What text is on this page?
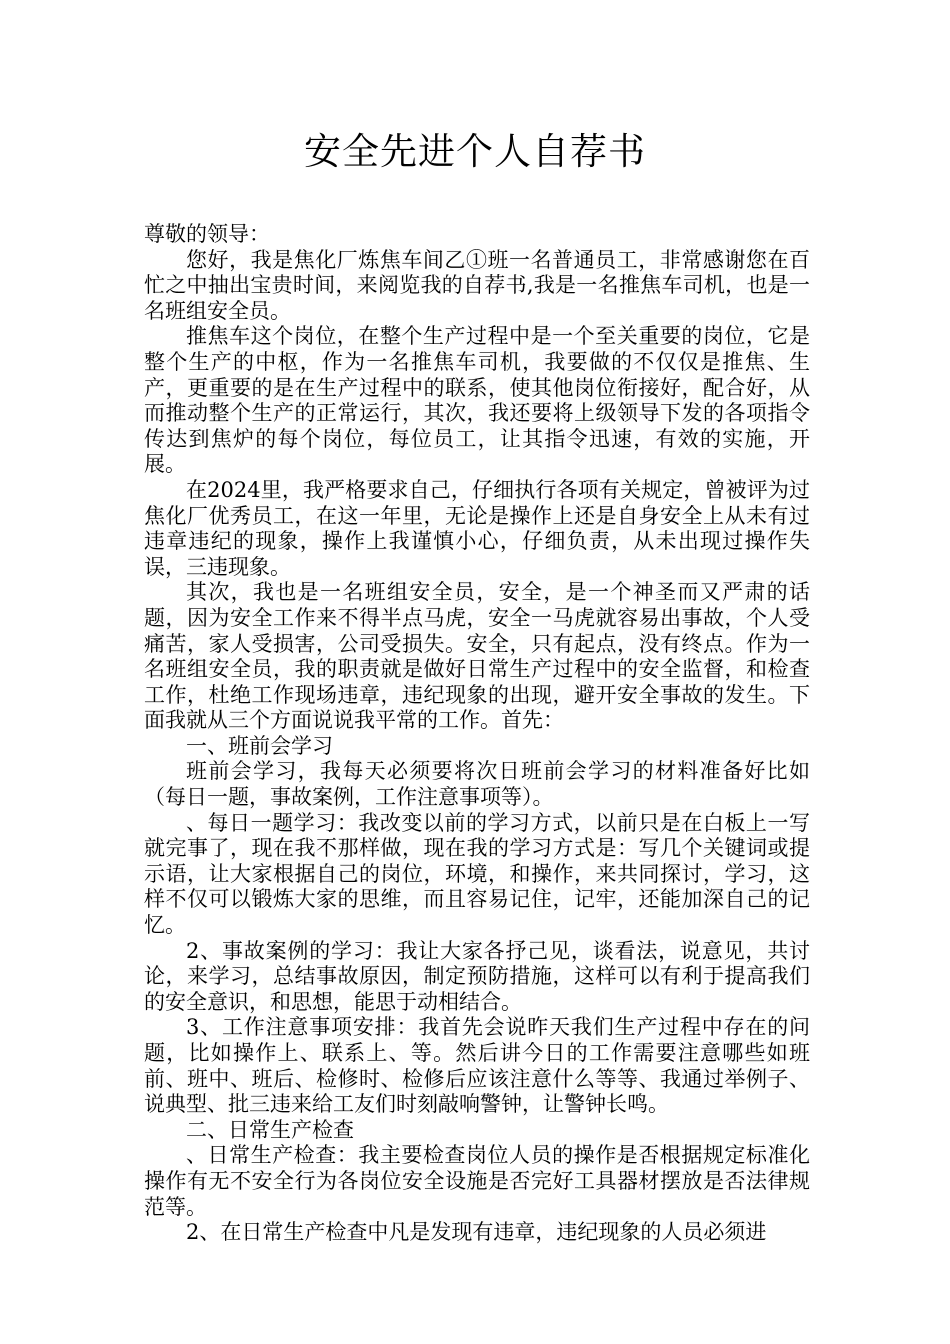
安全先进个人自荐书

尊敬的领导：

您好，我是焦化厂炼焦车间乙①班一名普通员工，非常感谢您在百忙之中抽出宝贵时间，来阅览我的自荐书,我是一名推焦车司机，也是一名班组安全员。

推焦车这个岗位，在整个生产过程中是一个至关重要的岗位，它是整个生产的中枢，作为一名推焦车司机，我要做的不仅仅是推焦、生产，更重要的是在生产过程中的联系，使其他岗位衔接好，配合好，从而推动整个生产的正常运行，其次，我还要将上级领导下发的各项指令传达到焦炉的每个岗位，每位员工，让其指令迅速，有效的实施，开展。

在2024里，我严格要求自己，仔细执行各项有关规定，曾被评为过焦化厂优秀员工，在这一年里，无论是操作上还是自身安全上从未有过违章违纪的现象，操作上我谨慎小心，仔细负责，从未出现过操作失误，三违现象。

其次，我也是一名班组安全员，安全，是一个神圣而又严肃的话题，因为安全工作来不得半点马虎，安全一马虎就容易出事故，个人受痛苦，家人受损害，公司受损失。安全，只有起点，没有终点。作为一名班组安全员，我的职责就是做好日常生产过程中的安全监督，和检查工作，杜绝工作现场违章，违纪现象的出现，避开安全事故的发生。下面我就从三个方面说说我平常的工作。首先：

一、班前会学习

班前会学习，我每天必须要将次日班前会学习的材料准备好比如（每日一题，事故案例，工作注意事项等）。

、每日一题学习：我改变以前的学习方式，以前只是在白板上一写就完事了，现在我不那样做，现在我的学习方式是：写几个关键词或提示语，让大家根据自己的岗位，环境，和操作，来共同探讨，学习，这样不仅可以锻炼大家的思维，而且容易记住，记牢，还能加深自己的记忆。

2、事故案例的学习：我让大家各抒己见，谈看法，说意见，共讨论，来学习，总结事故原因，制定预防措施，这样可以有利于提高我们的安全意识，和思想，能思于动相结合。

3、工作注意事项安排：我首先会说昨天我们生产过程中存在的问题，比如操作上、联系上、等。然后讲今日的工作需要注意哪些如班前、班中、班后、检修时、检修后应该注意什么等等、我通过举例子、说典型、批三违来给工友们时刻敲响警钟，让警钟长鸣。

二、日常生产检查

、日常生产检查：我主要检查岗位人员的操作是否根据规定标准化操作有无不安全行为各岗位安全设施是否完好工具器材摆放是否法律规范等。

2、在日常生产检查中凡是发现有违章，违纪现象的人员必须进
